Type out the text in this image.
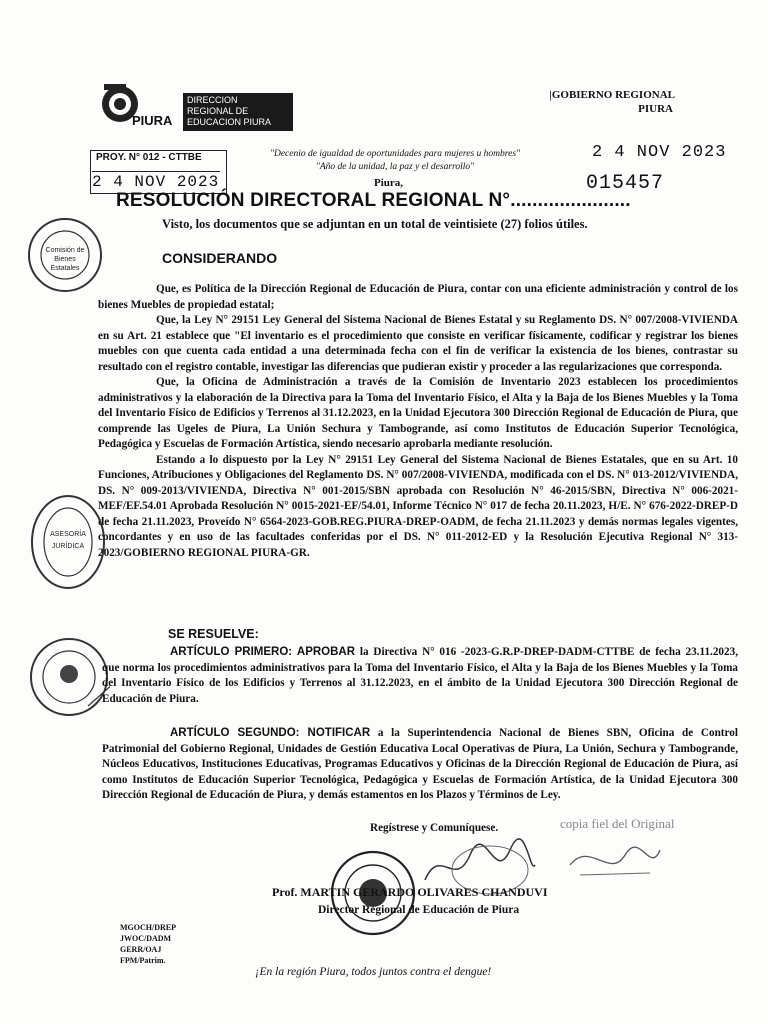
PIURA
DIRECCION
REGIONAL DE
EDUCACION PIURA
|GOBIERNO REGIONAL
PIURA
PROY. N° 012 - CTTBE
2 4 NOV 2023
"Decenio de igualdad de oportunidades para mujeres u hombres"
"Año de la unidad, la paz y el desarrollo"
2 4 NOV 2023
Piura,	015457
RESOLUCIÓN DIRECTORAL REGIONAL N°......................
Visto, los documentos que se adjuntan en un total de veintisiete (27) folios útiles.
Comisión de
Bienes
Estatales
CONSIDERANDO

Que, es Política de la Dirección Regional de Educación de Piura, contar con una eficiente administración y control de los bienes Muebles de propiedad estatal;

Que, la Ley N° 29151 Ley General del Sistema Nacional de Bienes Estatal y su Reglamento DS. N° 007/2008-VIVIENDA en su Art. 21 establece que "El inventario es el procedimiento que consiste en verificar físicamente, codificar y registrar los bienes muebles con que cuenta cada entidad a una determinada fecha con el fin de verificar la existencia de los bienes, contrastar su resultado con el registro contable, investigar las diferencias que pudieran existir y proceder a las regularizaciones que corresponda.

Que, la Oficina de Administración a través de la Comisión de Inventario 2023 establecen los procedimientos administrativos y la elaboración de la Directiva para la Toma del Inventario Físico, el Alta y la Baja de los Bienes Muebles y la Toma del Inventario Físico de Edificios y Terrenos al 31.12.2023, en la Unidad Ejecutora 300 Dirección Regional de Educación de Piura, que comprende las Ugeles de Piura, La Unión Sechura y Tambogrande, así como Institutos de Educación Superior Tecnológica, Pedagógica y Escuelas de Formación Artística, siendo necesario aprobarla mediante resolución.

Estando a lo dispuesto por la Ley N° 29151 Ley General del Sistema Nacional de Bienes Estatales, que en su Art. 10 Funciones, Atribuciones y Obligaciones del Reglamento DS. N° 007/2008-VIVIENDA, modificada con el DS. N° 013-2012/VIVIENDA, DS. N° 009-2013/VIVIENDA, Directiva N° 001-2015/SBN aprobada con Resolución N° 46-2015/SBN, Directiva N° 006-2021-MEF/EF.54.01 Aprobada Resolución N° 0015-2021-EF/54.01, Informe Técnico N° 017 de fecha 20.11.2023, H/E. N° 676-2022-DREP-D de fecha 21.11.2023, Proveído N° 6564-2023-GOB.REG.PIURA-DREP-OADM, de fecha 21.11.2023 y demás normas legales vigentes, concordantes y en uso de las facultades conferidas por el DS. N° 011-2012-ED y la Resolución Ejecutiva Regional N° 313-2023/GOBIERNO REGIONAL PIURA-GR.

ASESORÍA
JURÍDICA
SE RESUELVE:

ARTÍCULO PRIMERO: APROBAR la Directiva N° 016 -2023-G.R.P-DREP-DADM-CTTBE de fecha 23.11.2023, que norma los procedimientos administrativos para la Toma del Inventario Físico, el Alta y la Baja de los Bienes Muebles y la Toma del Inventario Físico de los Edificios y Terrenos al 31.12.2023, en el ámbito de la Unidad Ejecutora 300 Dirección Regional de Educación de Piura.

ARTÍCULO SEGUNDO: NOTIFICAR a la Superintendencia Nacional de Bienes SBN, Oficina de Control Patrimonial del Gobierno Regional, Unidades de Gestión Educativa Local Operativas de Piura, La Unión, Sechura y Tambogrande, Núcleos Educativos, Instituciones Educativas, Programas Educativos y Oficinas de la Dirección Regional de Educación de Piura, así como Institutos de Educación Superior Tecnológica, Pedagógica y Escuelas de Formación Artística, de la Unidad Ejecutora 300 Dirección Regional de Educación de Piura, y demás estamentos en los Plazos y Términos de Ley.

Regístrese y Comuníquese.	copia fiel del Original
Prof. MARTIN GERARDO OLIVARES CHANDUVI
Director Regional de Educación de Piura
MGOCH/DREP
JWOC/DADM
GERR/OAJ
FPM/Patrim.
¡En la región Piura, todos juntos contra el dengue!
